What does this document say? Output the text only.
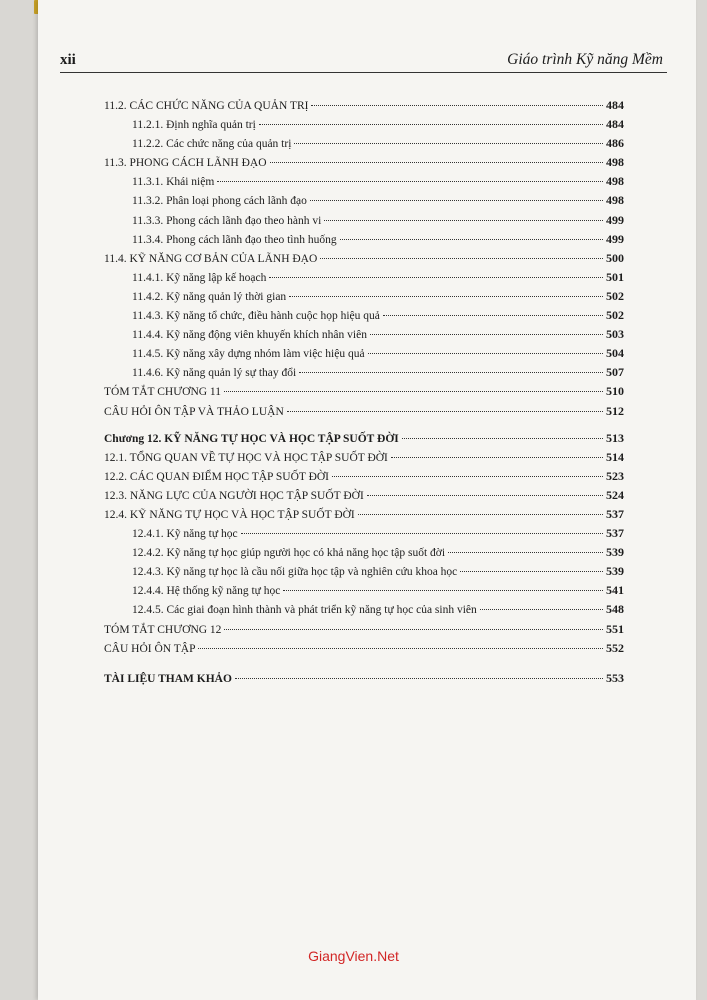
xii	Giáo trình Kỹ năng Mềm
11.2. CÁC CHỨC NĂNG CỦA QUẢN TRỊ	484
11.2.1. Định nghĩa quản trị	484
11.2.2. Các chức năng của quản trị	486
11.3. PHONG CÁCH LÃNH ĐẠO	498
11.3.1. Khái niệm	498
11.3.2. Phân loại phong cách lãnh đạo	498
11.3.3. Phong cách lãnh đạo theo hành vi	499
11.3.4. Phong cách lãnh đạo theo tình huống	499
11.4. KỸ NĂNG CƠ BẢN CỦA LÃNH ĐẠO	500
11.4.1. Kỹ năng lập kế hoạch	501
11.4.2. Kỹ năng quản lý thời gian	502
11.4.3. Kỹ năng tổ chức, điều hành cuộc họp hiệu quả	502
11.4.4. Kỹ năng động viên khuyến khích nhân viên	503
11.4.5. Kỹ năng xây dựng nhóm làm việc hiệu quả	504
11.4.6. Kỹ năng quản lý sự thay đổi	507
TÓM TẮT CHƯƠNG 11	510
CÂU HỎI ÔN TẬP VÀ THẢO LUẬN	512
Chương 12. KỸ NĂNG TỰ HỌC VÀ HỌC TẬP SUỐT ĐỜI	513
12.1. TỔNG QUAN VỀ TỰ HỌC VÀ HỌC TẬP SUỐT ĐỜI	514
12.2. CÁC QUAN ĐIỂM HỌC TẬP SUỐT ĐỜI	523
12.3. NĂNG LỰC CỦA NGƯỜI HỌC TẬP SUỐT ĐỜI	524
12.4. KỸ NĂNG TỰ HỌC VÀ HỌC TẬP SUỐT ĐỜI	537
12.4.1. Kỹ năng tự học	537
12.4.2. Kỹ năng tự học giúp người học có khả năng học tập suốt đời	539
12.4.3. Kỹ năng tự học là cầu nối giữa học tập và nghiên cứu khoa học	539
12.4.4. Hệ thống kỹ năng tự học	541
12.4.5. Các giai đoạn hình thành và phát triển kỹ năng tự học của sinh viên	548
TÓM TẮT CHƯƠNG 12	551
CÂU HỎI ÔN TẬP	552
TÀI LIỆU THAM KHẢO	553
GiangVien.Net
